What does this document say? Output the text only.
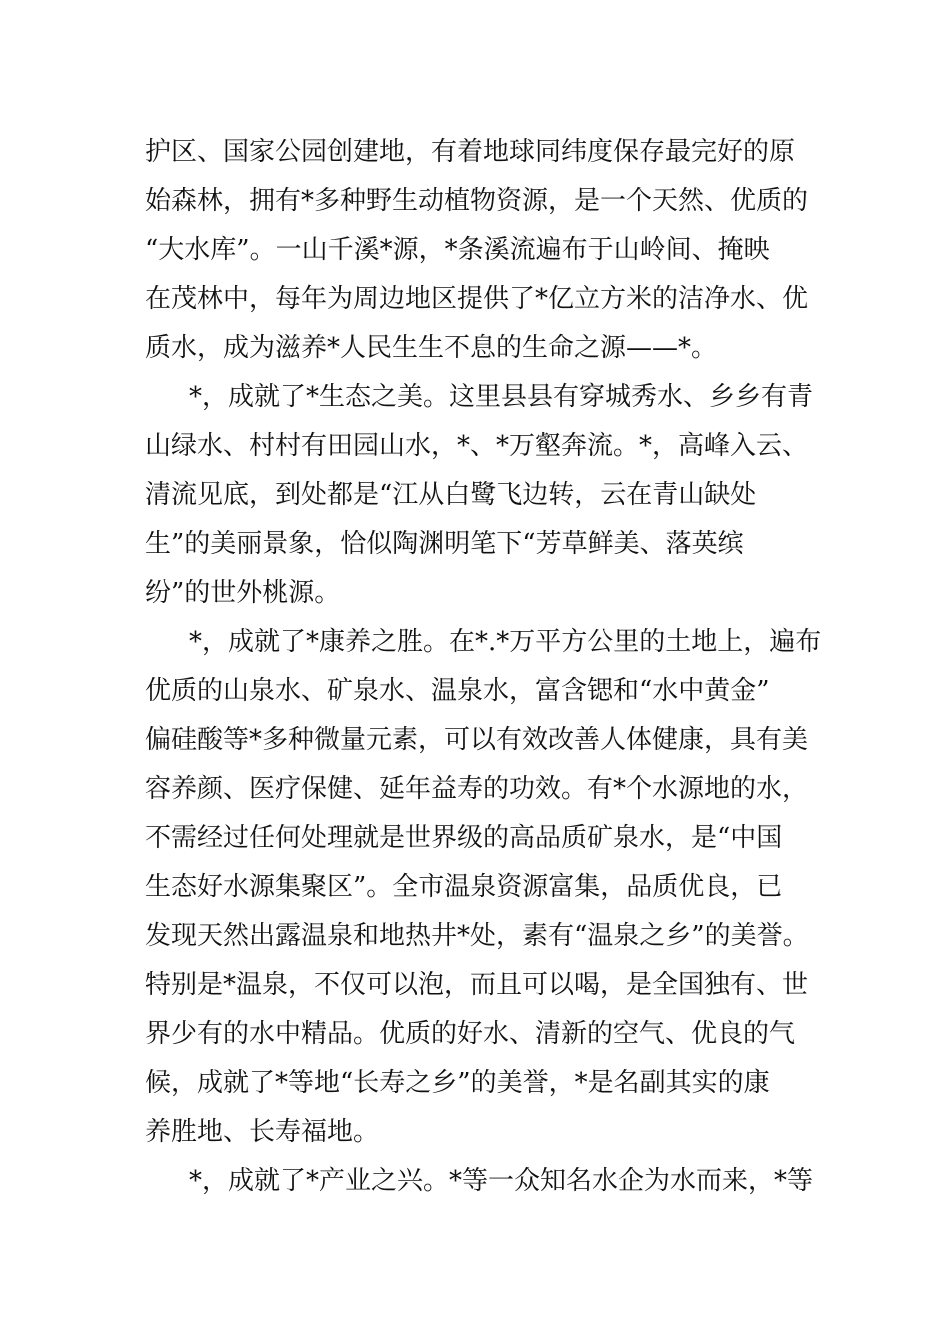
护区、国家公园创建地，有着地球同纬度保存最完好的原
始森林，拥有*多种野生动植物资源，是一个天然、优质的
“大水库”。一山千溪*源，*条溪流遍布于山岭间、掩映
在茂林中，每年为周边地区提供了*亿立方米的洁净水、优
质水，成为滋养*人民生生不息的生命之源——*。
*，成就了*生态之美。这里县县有穿城秀水、乡乡有青
山绿水、村村有田园山水，*、*万壑奔流。*，高峰入云、
清流见底，到处都是“江从白鹭飞边转，云在青山缺处
生”的美丽景象，恰似陶渊明笔下“芳草鲜美、落英缤
纷”的世外桃源。
*，成就了*康养之胜。在*.*万平方公里的土地上，遍布
优质的山泉水、矿泉水、温泉水，富含锶和“水中黄金”
偏硅酸等*多种微量元素，可以有效改善人体健康，具有美
容养颜、医疗保健、延年益寿的功效。有*个水源地的水，
不需经过任何处理就是世界级的高品质矿泉水，是“中国
生态好水源集聚区”。全市温泉资源富集，品质优良，已
发现天然出露温泉和地热井*处，素有“温泉之乡”的美誉。
特别是*温泉，不仅可以泡，而且可以喝，是全国独有、世
界少有的水中精品。优质的好水、清新的空气、优良的气
候，成就了*等地“长寿之乡”的美誉，*是名副其实的康
养胜地、长寿福地。
*，成就了*产业之兴。*等一众知名水企为水而来，*等
